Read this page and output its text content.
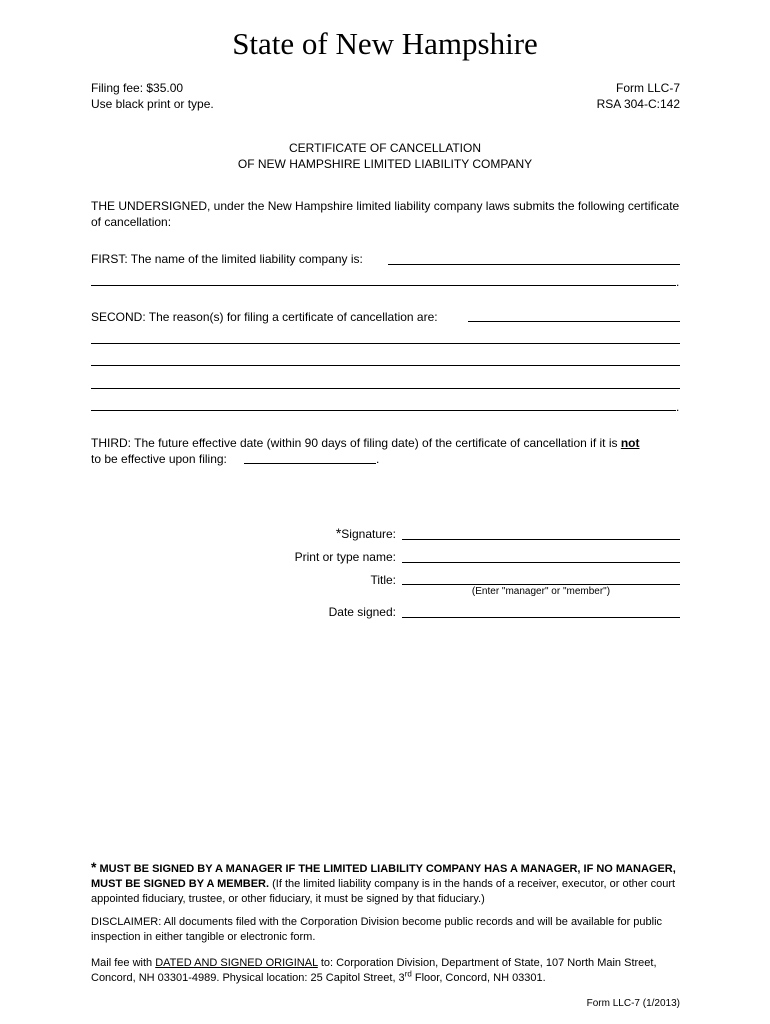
State of New Hampshire
Filing fee: $35.00
Use black print or type.
Form LLC-7
RSA 304-C:142
CERTIFICATE OF CANCELLATION
OF NEW HAMPSHIRE LIMITED LIABILITY COMPANY
THE UNDERSIGNED, under the New Hampshire limited liability company laws submits the following certificate of cancellation:
FIRST: The name of the limited liability company is:
.
SECOND: The reason(s) for filing a certificate of cancellation are:
.
THIRD: The future effective date (within 90 days of filing date) of the certificate of cancellation if it is not
to be effective upon filing:	.
*Signature:
Print or type name:
Title:
(Enter "manager" or "member")
Date signed:
* MUST BE SIGNED BY A MANAGER IF THE LIMITED LIABILITY COMPANY HAS A MANAGER, IF NO MANAGER, MUST BE SIGNED BY A MEMBER. (If the limited liability company is in the hands of a receiver, executor, or other court appointed fiduciary, trustee, or other fiduciary, it must be signed by that fiduciary.)
DISCLAIMER: All documents filed with the Corporation Division become public records and will be available for public inspection in either tangible or electronic form.
Mail fee with DATED AND SIGNED ORIGINAL to: Corporation Division, Department of State, 107 North Main Street, Concord, NH 03301-4989. Physical location: 25 Capitol Street, 3rd Floor, Concord, NH 03301.
Form LLC-7 (1/2013)
